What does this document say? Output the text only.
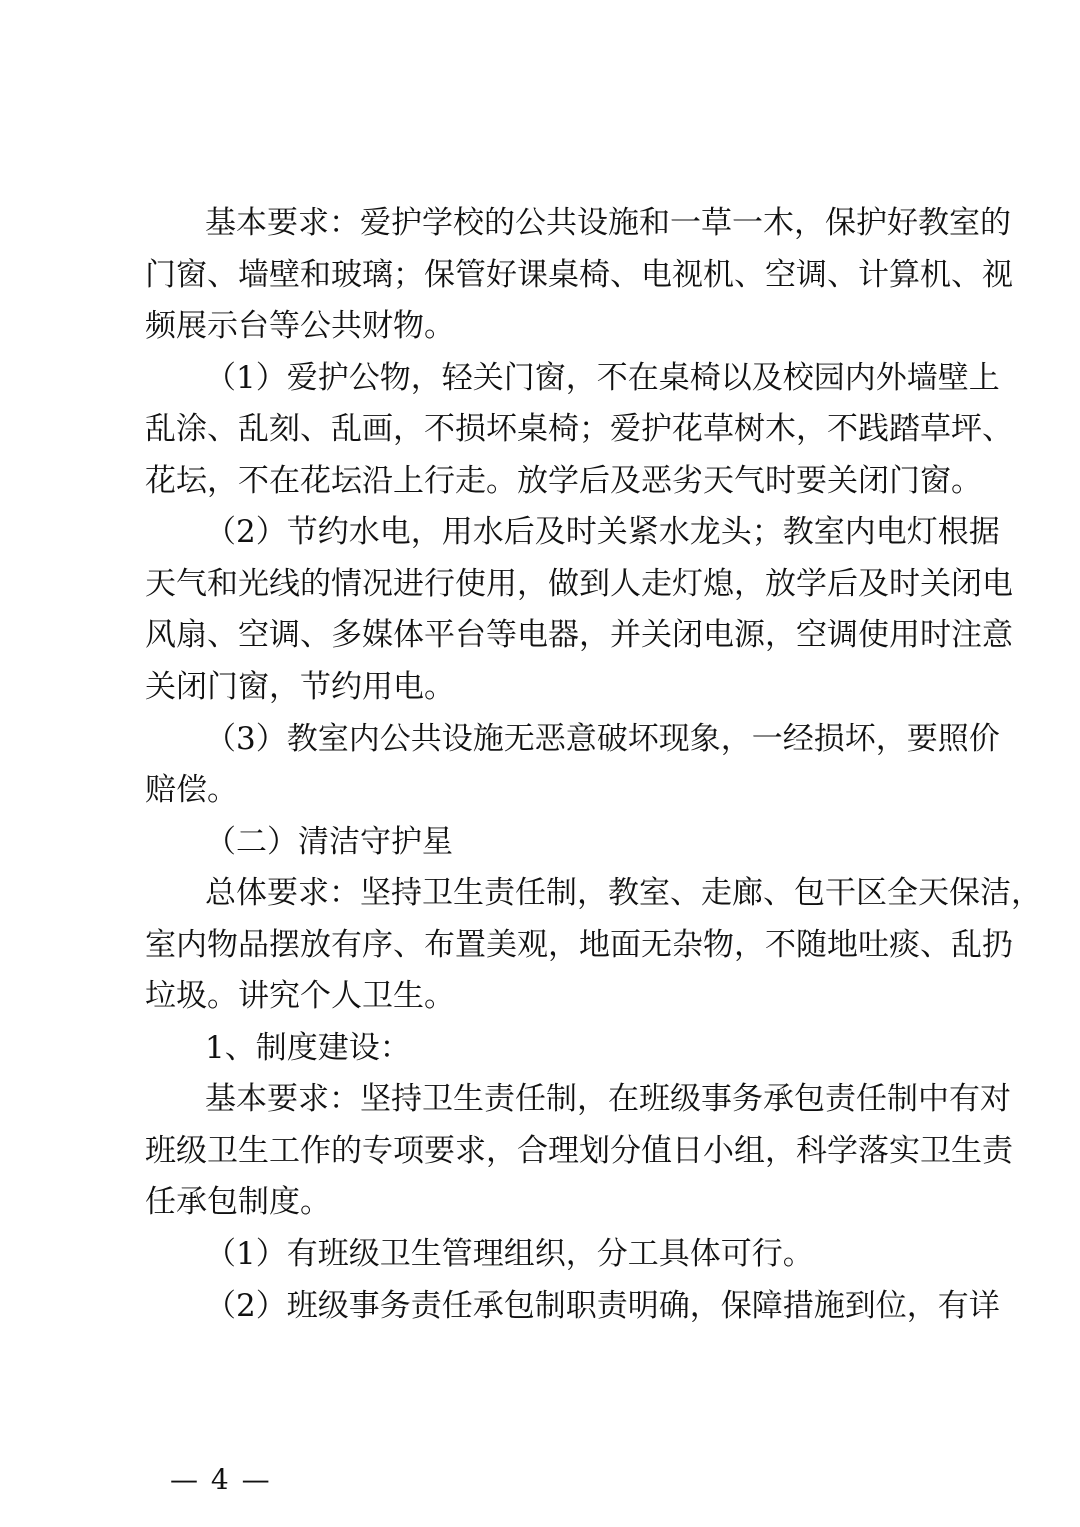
基本要求：爱护学校的公共设施和一草一木，保护好教室的
门窗、墙壁和玻璃；保管好课桌椅、电视机、空调、计算机、视
频展示台等公共财物。
（1）爱护公物，轻关门窗，不在桌椅以及校园内外墙壁上
乱涂、乱刻、乱画，不损坏桌椅；爱护花草树木，不践踏草坪、
花坛，不在花坛沿上行走。放学后及恶劣天气时要关闭门窗。
（2）节约水电，用水后及时关紧水龙头；教室内电灯根据
天气和光线的情况进行使用，做到人走灯熄，放学后及时关闭电
风扇、空调、多媒体平台等电器，并关闭电源，空调使用时注意
关闭门窗，节约用电。
（3）教室内公共设施无恶意破坏现象，一经损坏，要照价
赔偿。
（二）清洁守护星
总体要求：坚持卫生责任制，教室、走廊、包干区全天保洁，
室内物品摆放有序、布置美观，地面无杂物，不随地吐痰、乱扔
垃圾。讲究个人卫生。
1、制度建设：
基本要求：坚持卫生责任制，在班级事务承包责任制中有对
班级卫生工作的专项要求，合理划分值日小组，科学落实卫生责
任承包制度。
（1）有班级卫生管理组织，分工具体可行。
（2）班级事务责任承包制职责明确，保障措施到位，有详
— 4 —
